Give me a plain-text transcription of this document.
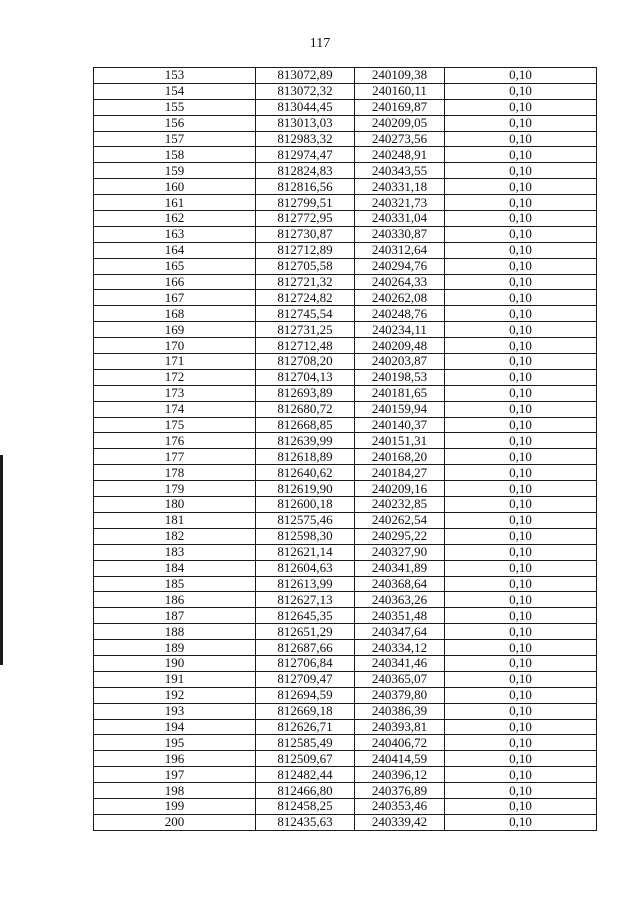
117
153	813072,89	240109,38	0,10
154	813072,32	240160,11	0,10
155	813044,45	240169,87	0,10
156	813013,03	240209,05	0,10
157	812983,32	240273,56	0,10
158	812974,47	240248,91	0,10
159	812824,83	240343,55	0,10
160	812816,56	240331,18	0,10
161	812799,51	240321,73	0,10
162	812772,95	240331,04	0,10
163	812730,87	240330,87	0,10
164	812712,89	240312,64	0,10
165	812705,58	240294,76	0,10
166	812721,32	240264,33	0,10
167	812724,82	240262,08	0,10
168	812745,54	240248,76	0,10
169	812731,25	240234,11	0,10
170	812712,48	240209,48	0,10
171	812708,20	240203,87	0,10
172	812704,13	240198,53	0,10
173	812693,89	240181,65	0,10
174	812680,72	240159,94	0,10
175	812668,85	240140,37	0,10
176	812639,99	240151,31	0,10
177	812618,89	240168,20	0,10
178	812640,62	240184,27	0,10
179	812619,90	240209,16	0,10
180	812600,18	240232,85	0,10
181	812575,46	240262,54	0,10
182	812598,30	240295,22	0,10
183	812621,14	240327,90	0,10
184	812604,63	240341,89	0,10
185	812613,99	240368,64	0,10
186	812627,13	240363,26	0,10
187	812645,35	240351,48	0,10
188	812651,29	240347,64	0,10
189	812687,66	240334,12	0,10
190	812706,84	240341,46	0,10
191	812709,47	240365,07	0,10
192	812694,59	240379,80	0,10
193	812669,18	240386,39	0,10
194	812626,71	240393,81	0,10
195	812585,49	240406,72	0,10
196	812509,67	240414,59	0,10
197	812482,44	240396,12	0,10
198	812466,80	240376,89	0,10
199	812458,25	240353,46	0,10
200	812435,63	240339,42	0,10
